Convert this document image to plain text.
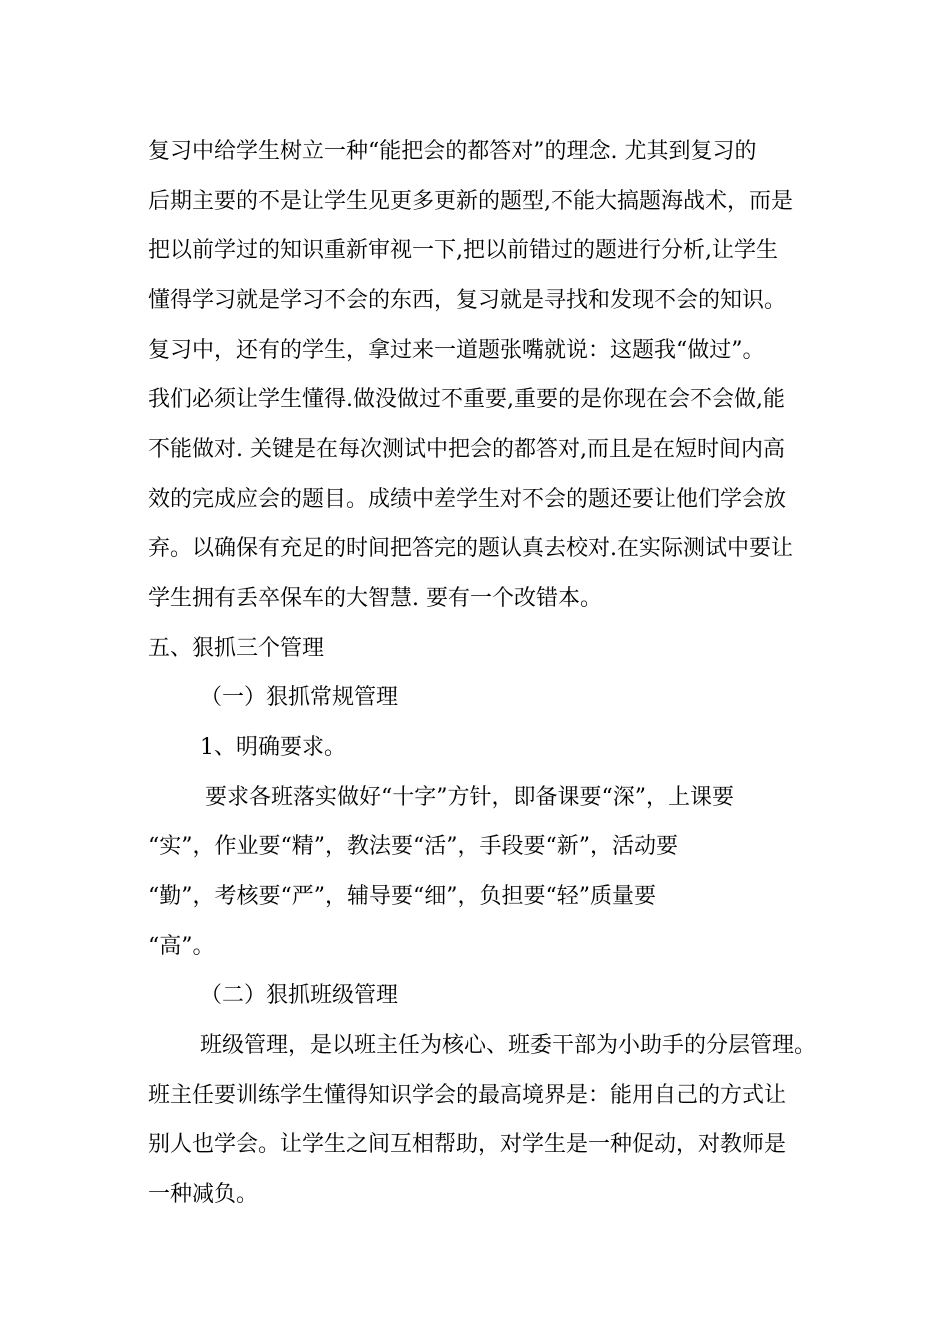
复习中给学生树立一种“能把会的都答对”的理念. 尤其到复习的
后期主要的不是让学生见更多更新的题型,不能大搞题海战术，而是
把以前学过的知识重新审视一下,把以前错过的题进行分析,让学生
懂得学习就是学习不会的东西，复习就是寻找和发现不会的知识。
复习中，还有的学生，拿过来一道题张嘴就说：这题我“做过”。
我们必须让学生懂得.做没做过不重要,重要的是你现在会不会做,能
不能做对. 关键是在每次测试中把会的都答对,而且是在短时间内高
效的完成应会的题目。成绩中差学生对不会的题还要让他们学会放
弃。以确保有充足的时间把答完的题认真去校对.在实际测试中要让
学生拥有丢卒保车的大智慧. 要有一个改错本。
五、狠抓三个管理
（一）狠抓常规管理
1、明确要求。
要求各班落实做好“十字”方针，即备课要“深”，上课要
“实”，作业要“精”，教法要“活”，手段要“新”，活动要
“勤”，考核要“严”，辅导要“细”，负担要“轻”质量要
“高”。
（二）狠抓班级管理
班级管理，是以班主任为核心、班委干部为小助手的分层管理。
班主任要训练学生懂得知识学会的最高境界是：能用自己的方式让
别人也学会。让学生之间互相帮助，对学生是一种促动，对教师是
一种减负。
